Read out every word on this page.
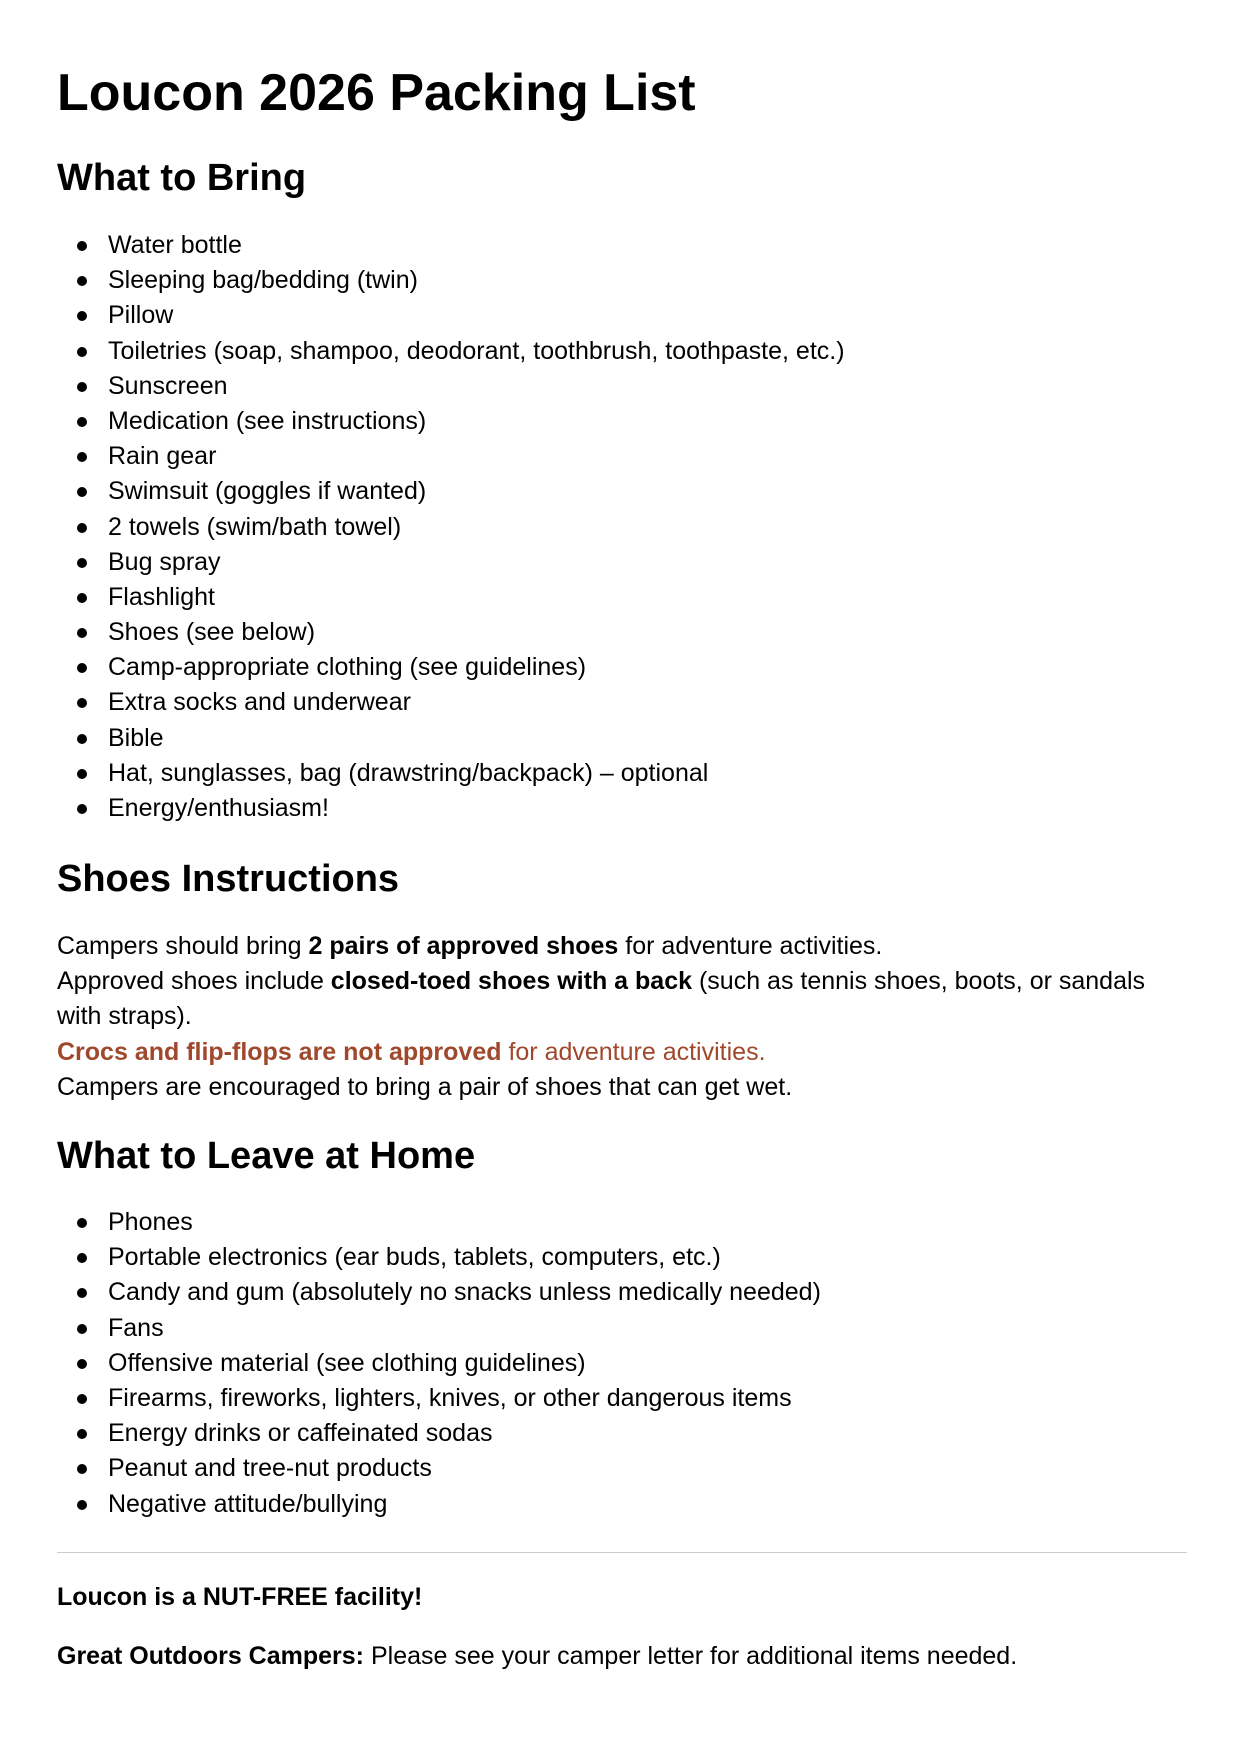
Loucon 2026 Packing List
What to Bring
Water bottle
Sleeping bag/bedding (twin)
Pillow
Toiletries (soap, shampoo, deodorant, toothbrush, toothpaste, etc.)
Sunscreen
Medication (see instructions)
Rain gear
Swimsuit (goggles if wanted)
2 towels (swim/bath towel)
Bug spray
Flashlight
Shoes (see below)
Camp-appropriate clothing (see guidelines)
Extra socks and underwear
Bible
Hat, sunglasses, bag (drawstring/backpack) – optional
Energy/enthusiasm!
Shoes Instructions

Campers should bring 2 pairs of approved shoes for adventure activities.

Approved shoes include closed-toed shoes with a back (such as tennis shoes, boots, or sandals with straps).

Crocs and flip-flops are not approved for adventure activities.

Campers are encouraged to bring a pair of shoes that can get wet.

What to Leave at Home
Phones
Portable electronics (ear buds, tablets, computers, etc.)
Candy and gum (absolutely no snacks unless medically needed)
Fans
Offensive material (see clothing guidelines)
Firearms, fireworks, lighters, knives, or other dangerous items
Energy drinks or caffeinated sodas
Peanut and tree-nut products
Negative attitude/bullying

Loucon is a NUT-FREE facility!

Great Outdoors Campers: Please see your camper letter for additional items needed.
